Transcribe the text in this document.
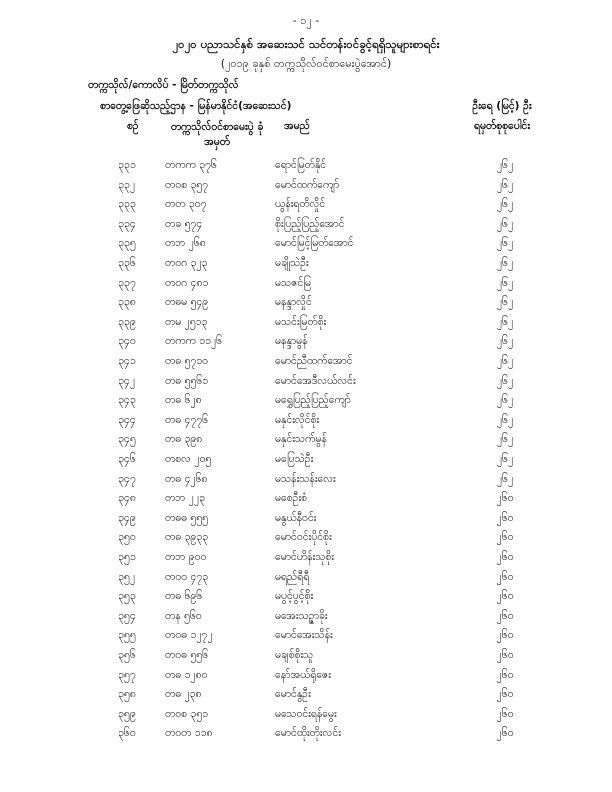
- ၁၂ -
၂၀၂၀ ပညာသင်နှစ် အဆေးသင် သင်တန်းဝင်ခွင့်ရရှိသူများစာရင်း
(၂၀၁၉ ခုနှစ် တက္ကသိုလ်ဝင်စာမေးပွဲအောင်)
တက္ကသိုလ်/ကောလိပ် - မြိတ်တက္ကသိုလ်
စာတွေ့ဖြေဆိုသည့်ဌာန - မြန်မာနိုင်ငံ(အဆေးသင်)	ဦးရေ (မြင့်) ဦး
စဉ်	တက္ကသိုလ်ဝင်စာမေးပွဲ ခုံအမှတ်
အမည်	ရမှတ်စုစုပေါင်း
၃၃၁	တကက ၃၇၆	ရောင်မြတ်နိုင်	၂၆၂
၃၃၂	တဝစ ၃၅၇	မောင်ထက်ကျော်	၂၆၂
၃၃၃	တတ ၃၀၇	ယွန်းရတိလှိုင်	၂၆၂
၃၃၄	တခ ၅၇၄	စိုးပြည့်ပြည့်အောင်	၂၆၂
၃၃၅	တဘ ၂၆၈	မောင်မြင့်မြတ်အောင်	၂၆၂
၃၃၆	တဝဂ ၃၂၃	မချိုသဲဦး	၂၆၂
၃၃၇	တဝဂ ၄၈၁	မသဇင်မြ	၂၆၂
၃၃၈	တဓမ ၅၄၉	မနန္ဒာလှိုင်	၂၆၂
၃၃၉	တမ ၂၅၁၃	မသင်းမြတ်စိုး	၂၆၂
၃၄၀	တကက ၁၁၂၆	မနန္ဒာမွန်	၂၆၂
၃၄၁	တဓ ၅၇၁၀	မောင်ညီထက်အောင်	၂၆၂
၃၄၂	တဓ ၅၅၆၁	မောင်အေဒီလယ်လင်း	၂၆၂
၃၄၃	တဓ ၆၂၈	မရွှေပြည့်ပြည့်ကျော်	၂၆၂
၃၄၄	တဓ ၄၇၇၆	မနှင်းလိုင်စိုး	၂၆၂
၃၄၅	တဓ ၃၉၈	မနှင်းသက်မွန်	၂၆၂
၃၄၆	တစလ ၂၀၅	မပြေသဲဦး	၂၆၂
၃၄၇	တဓ ၄၂၆၈	မသန်းသန်းလေး	၂၆၂
၃၄၈	တဘ ၂၂၃	မစေဦးစံ	၂၆၀
၃၄၉	တဓဓ ၅၅၅	မနွယ်နီဝင်း	၂၆၀
၃၅၀	တဓ ၃၉၃၃	မောင်ဝင်းပိုင်စိုး	၂၆၀
၃၅၁	တဘ ၉၀၀	မောင်ဟိန်းသုစိုး	၂၆၀
၃၅၂	တဝဝ ၄၇၃	မရည်ရီရီ	၂၆၀
၃၅၃	တဓ ၆၉၆	မပွင့်ပွင့်စိုး	၂၆၀
၃၅၄	တန ၅၆၀	မအေးသဥ္ဇာခိုး	၂၆၀
၃၅၅	တဝဓ ၁၂၇၂	မောင်အေးသိန်း	၂၆၀
၃၅၆	တဝဓ ၅၅၆	မချစ်စိုးသူ	၂၆၀
၃၅၇	တဓ ၁၂၈၀	နော်အယ်ရိုဇေး	၂၆၀
၃၅၈	တဓ ၂၃၈	မောင်နွဦး	၂၆၀
၃၅၉	တဝစ ၃၅၁	မသေဝင်းရန်မွေး	၂၆၀
၃၆၀	တဝတ ၁၁၈	မောင်ထိုးတိုးလင်း	၂၆၀
